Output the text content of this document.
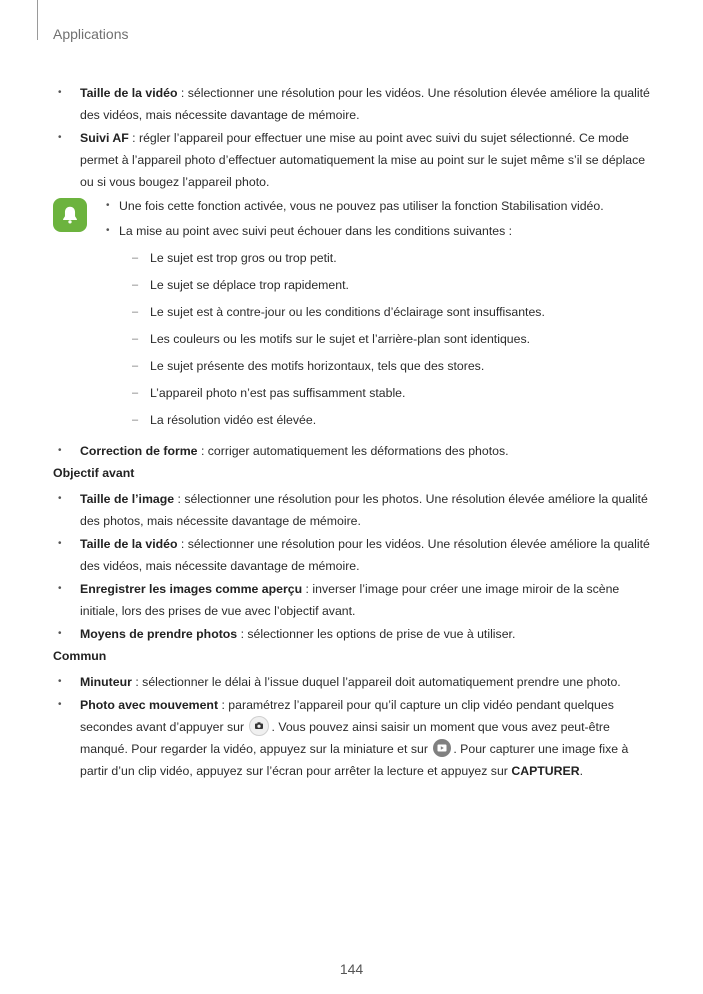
Applications
• Taille de la vidéo : sélectionner une résolution pour les vidéos. Une résolution élevée améliore la qualité des vidéos, mais nécessite davantage de mémoire.
• Suivi AF : régler l’appareil pour effectuer une mise au point avec suivi du sujet sélectionné. Ce mode permet à l’appareil photo d’effectuer automatiquement la mise au point sur le sujet même s’il se déplace ou si vous bougez l’appareil photo.
• Une fois cette fonction activée, vous ne pouvez pas utiliser la fonction Stabilisation vidéo.
• La mise au point avec suivi peut échouer dans les conditions suivantes :
– Le sujet est trop gros ou trop petit.
– Le sujet se déplace trop rapidement.
– Le sujet est à contre-jour ou les conditions d’éclairage sont insuffisantes.
– Les couleurs ou les motifs sur le sujet et l’arrière-plan sont identiques.
– Le sujet présente des motifs horizontaux, tels que des stores.
– L’appareil photo n’est pas suffisamment stable.
– La résolution vidéo est élevée.
• Correction de forme : corriger automatiquement les déformations des photos.
Objectif avant
• Taille de l’image : sélectionner une résolution pour les photos. Une résolution élevée améliore la qualité des photos, mais nécessite davantage de mémoire.
• Taille de la vidéo : sélectionner une résolution pour les vidéos. Une résolution élevée améliore la qualité des vidéos, mais nécessite davantage de mémoire.
• Enregistrer les images comme aperçu : inverser l’image pour créer une image miroir de la scène initiale, lors des prises de vue avec l’objectif avant.
• Moyens de prendre photos : sélectionner les options de prise de vue à utiliser.
Commun
• Minuteur : sélectionner le délai à l’issue duquel l’appareil doit automatiquement prendre une photo.
• Photo avec mouvement : paramétrez l’appareil pour qu’il capture un clip vidéo pendant quelques secondes avant d’appuyer sur . Vous pouvez ainsi saisir un moment que vous avez peut-être manqué. Pour regarder la vidéo, appuyez sur la miniature et sur . Pour capturer une image fixe à partir d’un clip vidéo, appuyez sur l’écran pour arrêter la lecture et appuyez sur CAPTURER.
144
